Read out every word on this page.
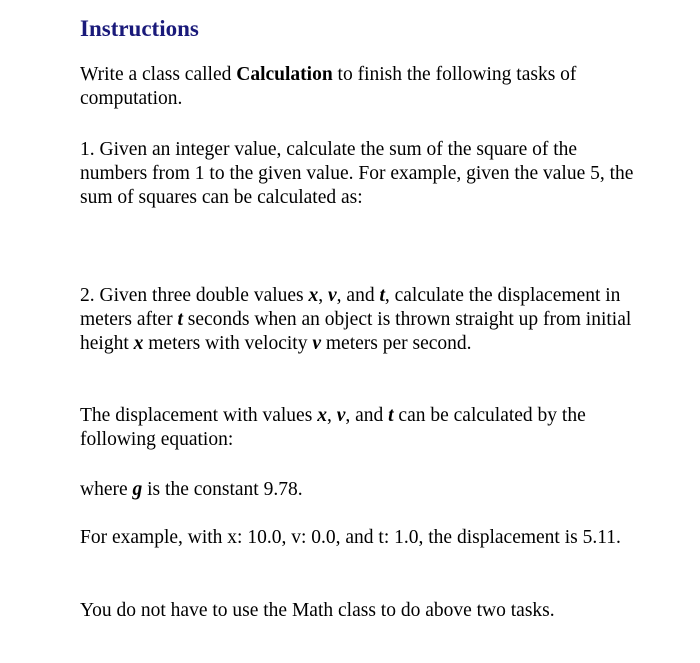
Instructions
Write a class called Calculation to finish the following tasks of computation.
1. Given an integer value, calculate the sum of the square of the numbers from 1 to the given value. For example, given the value 5, the sum of squares can be calculated as:
2. Given three double values x, v, and t, calculate the displacement in meters after t seconds when an object is thrown straight up from initial height x meters with velocity v meters per second.
The displacement with values x, v, and t can be calculated by the following equation:
where g is the constant 9.78.
For example, with x: 10.0, v: 0.0, and t: 1.0, the displacement is 5.11.
You do not have to use the Math class to do above two tasks.
